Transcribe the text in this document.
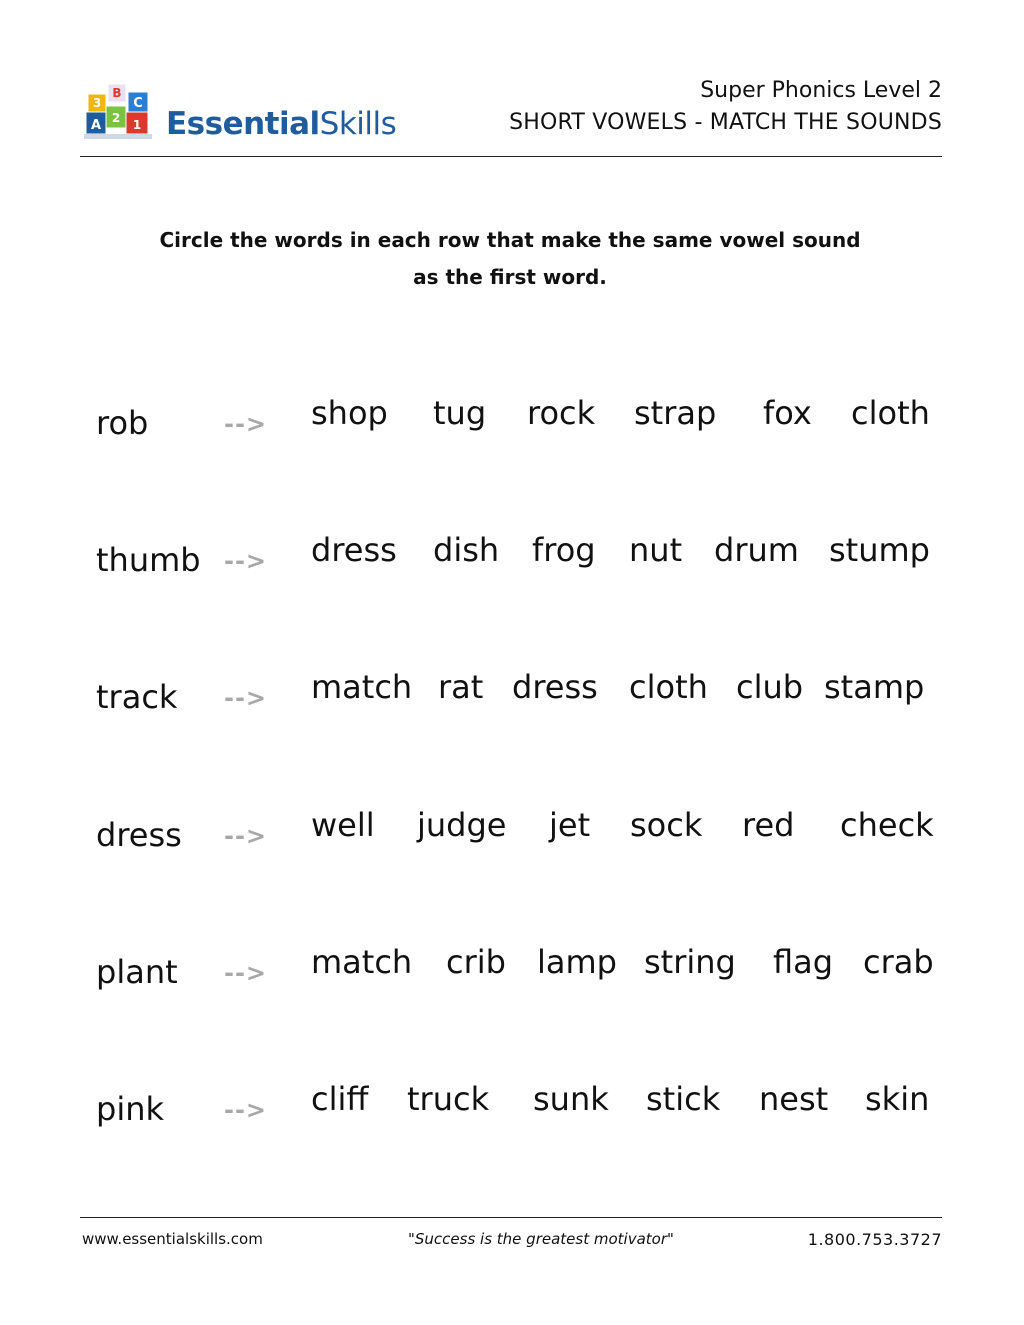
3
B
2
C
A	1 EssentialSkills
Super Phonics Level 2
SHORT VOWELS - MATCH THE SOUNDS
Circle the words in each row that make the same vowel sound
as the first word.
rob	--> shop tug rock strap fox cloth
thumb --> dress dish frog nut drum stump
track --> match rat dress cloth club stamp
dress --> well judge jet sock red check
plant --> match crib lamp string flag crab
pink --> cliff truck sunk stick nest skin
www.essentialskills.com	"Success is the greatest motivator"	1.800.753.3727
